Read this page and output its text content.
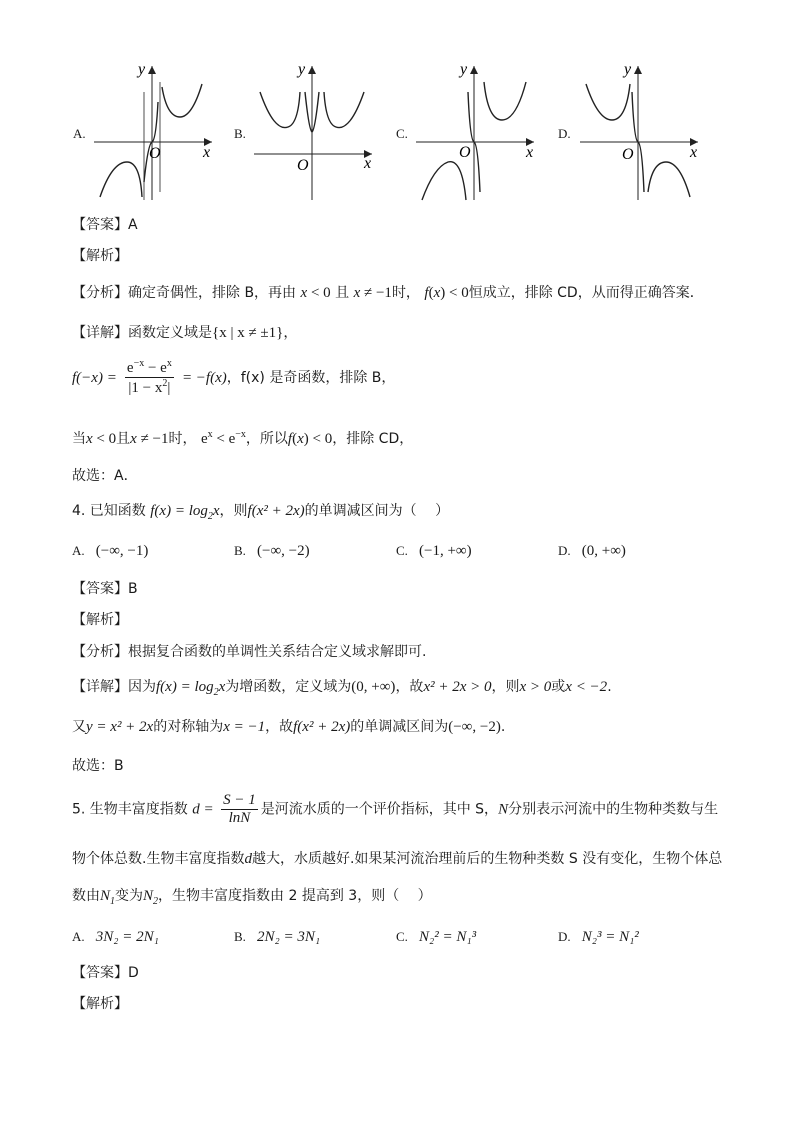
A.
y
x
O
B.
y
x
O
C.
y
x
O
D.
y
x
O
【答案】A
【解析】
【分析】确定奇偶性，排除 B，再由 x < 0 且 x ≠ −1时， f(x) < 0恒成立，排除 CD，从而得正确答案．
【详解】函数定义域是{x | x ≠ ±1}，
$f(-x) = \frac{e^{-x} - e^x}{|1 - x^2|} = -f(x)$，f(x) 是奇函数，排除 B，
当x < 0且x ≠ −1时， $e^x < e^{-x}$，所以f(x) < 0，排除 CD，
故选：A．
4. 已知函数 $f(x) = \log_2x$，则f(x² + 2x)的单调减区间为（　 ）
A. (−∞, −1)	B. (−∞, −2)	C. (−1, +∞)	D. (0, +∞)
【答案】B
【解析】
【分析】根据复合函数的单调性关系结合定义域求解即可.
【详解】因为$f(x) = \log_2x$为增函数，定义域为(0, +∞)，故x² + 2x > 0，则x > 0或x < −2.
又y = x² + 2x的对称轴为x = −1，故f(x² + 2x)的单调减区间为(−∞, −2).
故选：B
5. 生物丰富度指数 $d = \frac{S - 1}{\ln N}$ 是河流水质的一个评价指标，其中 S，N分别表示河流中的生物种类数与生
物个体总数.生物丰富度指数d越大，水质越好.如果某河流治理前后的生物种类数 S 没有变化，生物个体总
数由$N_1$变为$N_2$，生物丰富度指数由 2 提高到 3，则（　 ）
A. 3N₂ = 2N₁	B. 2N₂ = 3N₁	C. N₂² = N₁³	D. N₂³ = N₁²
【答案】D
【解析】
